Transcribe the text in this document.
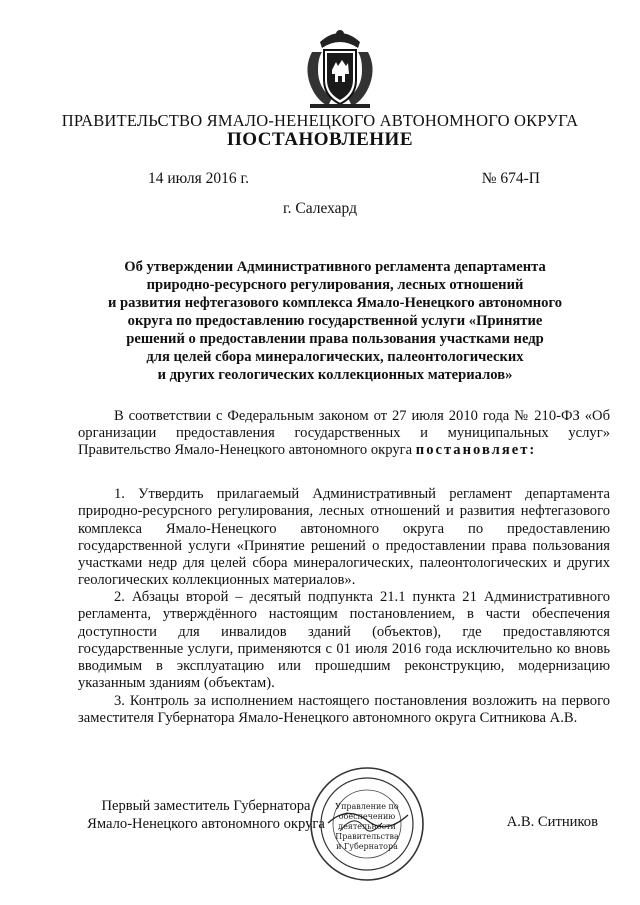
ПРАВИТЕЛЬСТВО ЯМАЛО-НЕНЕЦКОГО АВТОНОМНОГО ОКРУГА
ПОСТАНОВЛЕНИЕ
14 июля 2016 г.	№ 674-П
г. Салехард
Об утверждении Административного регламента департамента
природно-ресурсного регулирования, лесных отношений
и развития нефтегазового комплекса Ямало-Ненецкого автономного
округа по предоставлению государственной услуги «Принятие
решений о предоставлении права пользования участками недр
для целей сбора минералогических, палеонтологических
и других геологических коллекционных материалов»
В соответствии с Федеральным законом от 27 июля 2010 года № 210-ФЗ «Об организации предоставления государственных и муниципальных услуг» Правительство Ямало-Ненецкого автономного округа постановляет:
1. Утвердить прилагаемый Административный регламент департамента природно-ресурсного регулирования, лесных отношений и развития нефтегазового комплекса Ямало-Ненецкого автономного округа по предоставлению государственной услуги «Принятие решений о предоставлении права пользования участками недр для целей сбора минералогических, палеонтологических и других геологических коллекционных материалов».
2. Абзацы второй – десятый подпункта 21.1 пункта 21 Административного регламента, утверждённого настоящим постановлением, в части обеспечения доступности для инвалидов зданий (объектов), где предоставляются государственные услуги, применяются с 01 июля 2016 года исключительно ко вновь вводимым в эксплуатацию или прошедшим реконструкцию, модернизацию указанным зданиям (объектам).
3. Контроль за исполнением настоящего постановления возложить на первого заместителя Губернатора Ямало-Ненецкого автономного округа Ситникова А.В.
Первый заместитель Губернатора
Ямало-Ненецкого автономного округа
Управление по
обеспечению
деятельности
Правительства
и Губернатора
А.В. Ситников
